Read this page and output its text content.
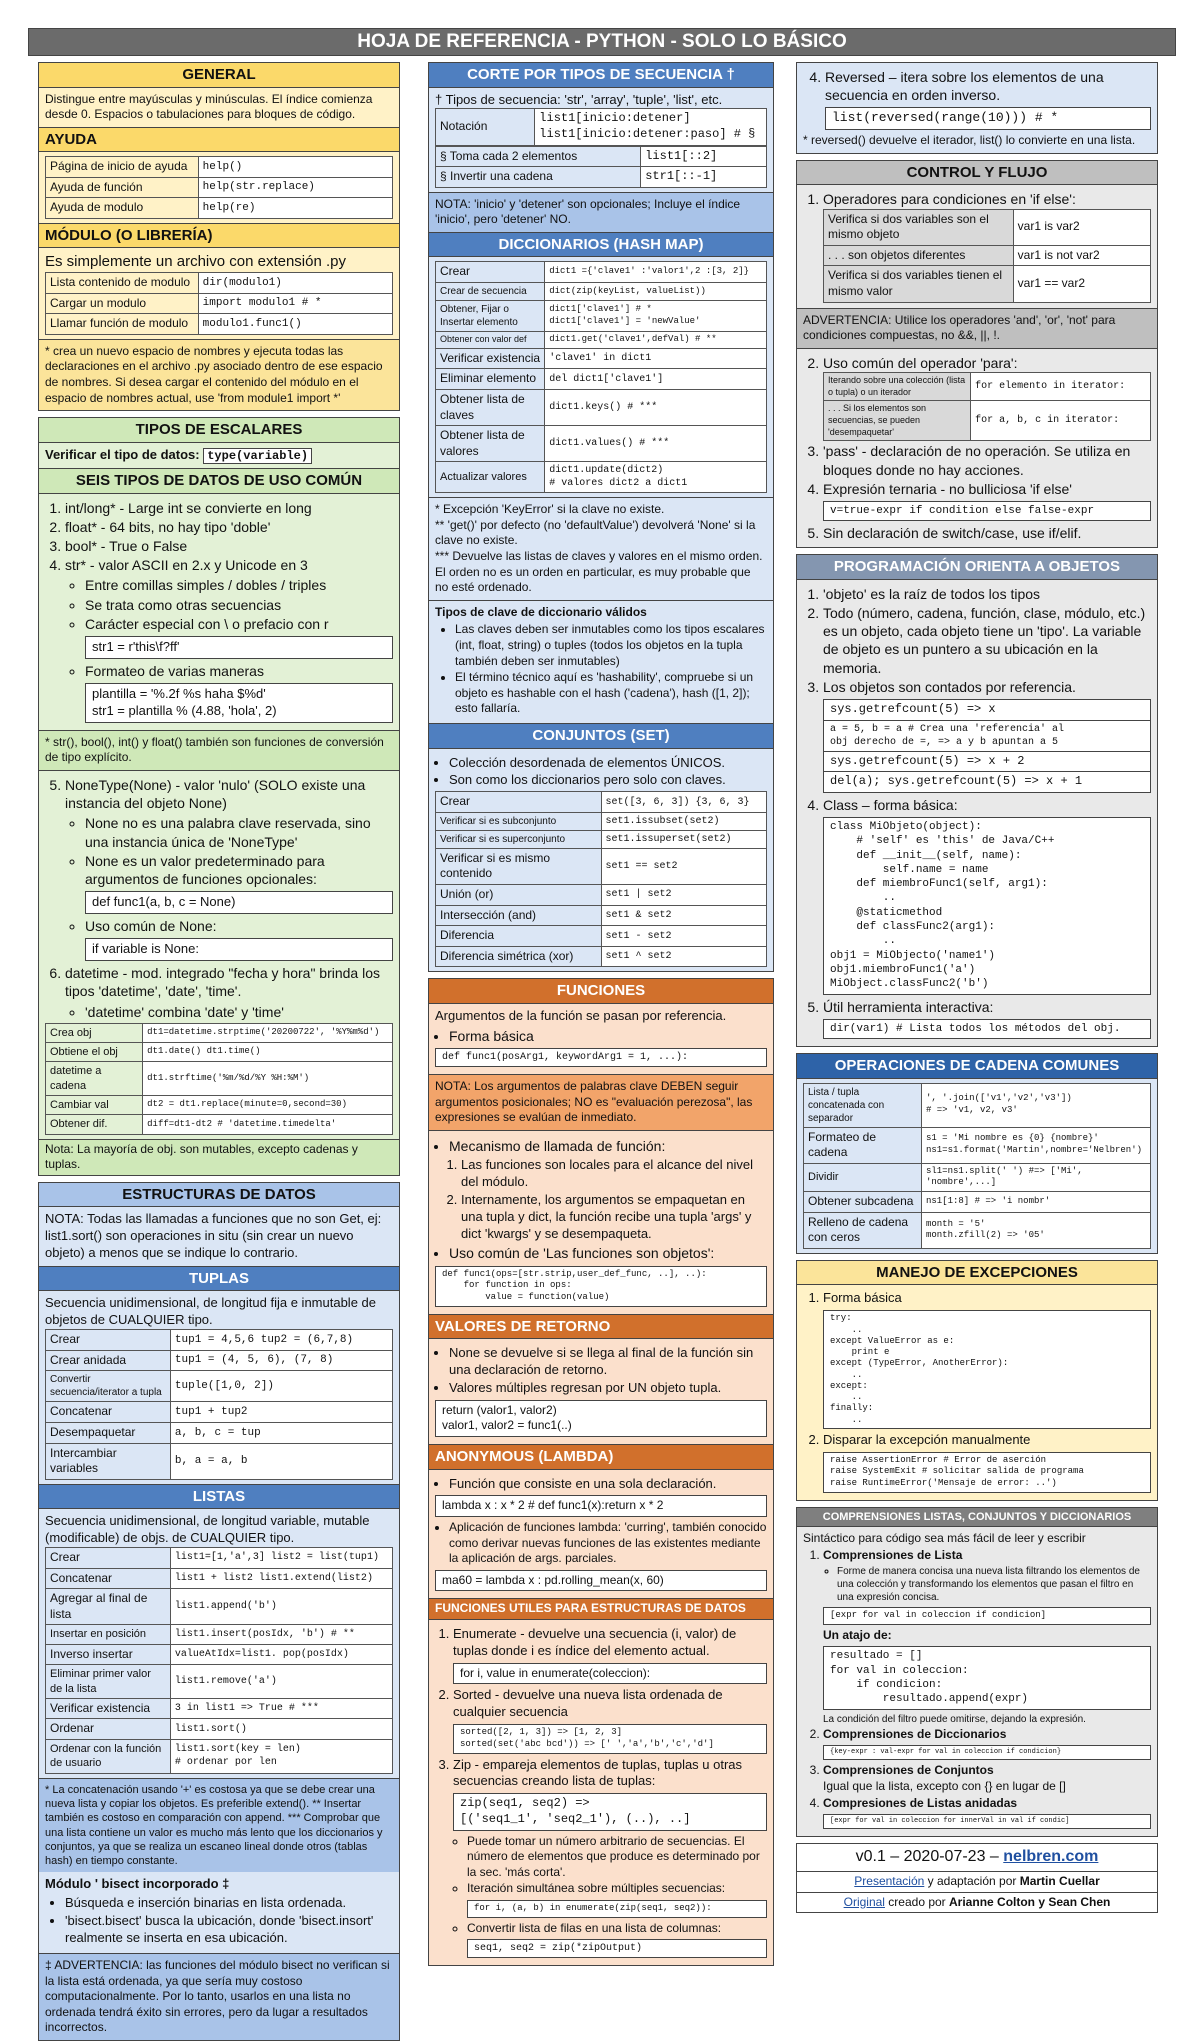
HOJA DE REFERENCIA - PYTHON - SOLO LO BÁSICO
GENERAL
Distingue entre mayúsculas y minúsculas. El índice comienza desde 0. Espacios o tabulaciones para bloques de código.
AYUDA
Página de inicio de ayuda	help()
Ayuda de función	help(str.replace)
Ayuda de modulo	help(re)
MÓDULO (O LIBRERÍA)
Es simplemente un archivo con extensión .py
Lista contenido de modulo	dir(modulo1)
Cargar un modulo	import modulo1 # *
Llamar función de modulo	modulo1.func1()
* crea un nuevo espacio de nombres y ejecuta todas las declaraciones en el archivo .py asociado dentro de ese espacio de nombres. Si desea cargar el contenido del módulo en el espacio de nombres actual, use 'from module1 import *'
TIPOS DE ESCALARES
Verificar el tipo de datos: type(variable)
SEIS TIPOS DE DATOS DE USO COMÚN
1. int/long* - Large int se convierte en long
2. float* - 64 bits, no hay tipo 'doble'
3. bool* - True o False
4. str* - valor ASCII en 2.x y Unicode en 3
◦ Entre comillas simples / dobles / triples
◦ Se trata como otras secuencias
◦ Carácter especial con \ o prefacio con r
str1 = r'this\f?ff'
◦ Formateo de varias maneras
plantilla = '%.2f %s haha $%d'
str1 = plantilla % (4.88, 'hola', 2)
* str(), bool(), int() y float() también son funciones de conversión de tipo explícito.
5. NoneType(None) - valor 'nulo' (SOLO existe una instancia del objeto None)
◦ None no es una palabra clave reservada, sino una instancia única de 'NoneType'
◦ None es un valor predeterminado para argumentos de funciones opcionales:
def func1(a, b, c = None)
◦ Uso común de None:
if variable is None:
6. datetime - mod. integrado "fecha y hora" brinda los tipos 'datetime', 'date', 'time'.
◦ 'datetime' combina 'date' y 'time'
Crea obj	dt1=datetime.strptime('20200722', '%Y%m%d')
Obtiene el obj	dt1.date() dt1.time()
datetime a cadena	dt1.strftime('%m/%d/%Y %H:%M')
Cambiar val	dt2 = dt1.replace(minute=0,second=30)
Obtener dif.	diff=dt1-dt2 # 'datetime.timedelta'
Nota: La mayoría de obj. son mutables, excepto cadenas y tuplas.
ESTRUCTURAS DE DATOS
NOTA: Todas las llamadas a funciones que no son Get, ej: list1.sort() son operaciones in situ (sin crear un nuevo objeto) a menos que se indique lo contrario.
TUPLAS
Secuencia unidimensional, de longitud fija e inmutable de objetos de CUALQUIER tipo.
Crear	tup1 = 4,5,6 tup2 = (6,7,8)
Crear anidada	tup1 = (4, 5, 6), (7, 8)
Convertir secuencia/iterator a tupla	tuple([1,0, 2])
Concatenar	tup1 + tup2
Desempaquetar	a, b, c = tup
Intercambiar variables	b, a = a, b
LISTAS
Secuencia unidimensional, de longitud variable, mutable (modificable) de objs. de CUALQUIER tipo.
Crear	list1=[1,'a',3] list2 = list(tup1)
Concatenar	list1 + list2 list1.extend(list2)
Agregar al final de lista	list1.append('b')
Insertar en posición	list1.insert(posIdx, 'b') # **
Inverso insertar	valueAtIdx=list1. pop(posIdx)
Eliminar primer valor de la lista	list1.remove('a')
Verificar existencia	3 in list1 => True # ***
Ordenar	list1.sort()
Ordenar con la función de usuario	list1.sort(key = len)
# ordenar por len
* La concatenación usando '+' es costosa ya que se debe crear una nueva lista y copiar los objetos. Es preferible extend(). ** Insertar también es costoso en comparación con append. *** Comprobar que una lista contiene un valor es mucho más lento que los diccionarios y conjuntos, ya que se realiza un escaneo lineal donde otros (tablas hash) en tiempo constante.
Módulo ' bisect incorporado ‡
• Búsqueda e inserción binarias en lista ordenada.
• 'bisect.bisect' busca la ubicación, donde 'bisect.insort' realmente se inserta en esa ubicación.
‡ ADVERTENCIA: las funciones del módulo bisect no verifican si la lista está ordenada, ya que sería muy costoso computacionalmente. Por lo tanto, usarlos en una lista no ordenada tendrá éxito sin errores, pero da lugar a resultados incorrectos.
CORTE POR TIPOS DE SECUENCIA †
† Tipos de secuencia: 'str', 'array', 'tuple', 'list', etc.
Notación	list1[inicio:detener]
list1[inicio:detener:paso] # §
§ Toma cada 2 elementos	list1[::2]
§ Invertir una cadena	str1[::-1]
NOTA: 'inicio' y 'detener' son opcionales; Incluye el índice 'inicio', pero 'detener' NO.
DICCIONARIOS (HASH MAP)
Crear	dict1 ={'clave1' :'valor1',2 :[3, 2]}
Crear de secuencia	dict(zip(keyList, valueList))
Obtener, Fijar o Insertar elemento	dict1['clave1'] # *
dict1['clave1'] = 'newValue'
Obtener con valor def	dict1.get('clave1',defVal) # **
Verificar existencia	'clave1' in dict1
Eliminar elemento	del dict1['clave1']
Obtener lista de claves	dict1.keys() # ***
Obtener lista de valores	dict1.values() # ***
Actualizar valores	dict1.update(dict2)
# valores dict2 a dict1
* Excepción 'KeyError' si la clave no existe.
** 'get()' por defecto (no 'defaultValue') devolverá 'None' si la clave no existe.
*** Devuelve las listas de claves y valores en el mismo orden. El orden no es un orden en particular, es muy probable que no esté ordenado.
Tipos de clave de diccionario válidos
• Las claves deben ser inmutables como los tipos escalares (int, float, string) o tuples (todos los objetos en la tupla también deben ser inmutables)
• El término técnico aquí es 'hashability', compruebe si un objeto es hashable con el hash ('cadena'), hash ([1, 2]); esto fallaría.
CONJUNTOS (SET)
• Colección desordenada de elementos ÚNICOS.
• Son como los diccionarios pero solo con claves.
Crear	set([3, 6, 3]) {3, 6, 3}
Verificar si es subconjunto	set1.issubset(set2)
Verificar si es superconjunto	set1.issuperset(set2)
Verificar si es mismo contenido	set1 == set2
Unión (or)	set1 | set2
Intersección (and)	set1 & set2
Diferencia	set1 - set2
Diferencia simétrica (xor)	set1 ^ set2
FUNCIONES
Argumentos de la función se pasan por referencia.
• Forma básica
def func1(posArg1, keywordArg1 = 1, ...):
NOTA: Los argumentos de palabras clave DEBEN seguir argumentos posicionales; NO es "evaluación perezosa", las expresiones se evalúan de inmediato.
• Mecanismo de llamada de función:
1. Las funciones son locales para el alcance del nivel del módulo.
2. Internamente, los argumentos se empaquetan en una tupla y dict, la función recibe una tupla 'args' y dict 'kwargs' y se desempaqueta.
• Uso común de 'Las funciones son objetos':
def func1(ops=[str.strip,user_def_func, ..], ..):
for function in ops:
value = function(value)
VALORES DE RETORNO
• None se devuelve si se llega al final de la función sin una declaración de retorno.
• Valores múltiples regresan por UN objeto tupla.
return (valor1, valor2)
valor1, valor2 = func1(..)
ANONYMOUS (LAMBDA)
• Función que consiste en una sola declaración.
lambda x : x * 2 # def func1(x):return x * 2
• Aplicación de funciones lambda: 'curring', también conocido como derivar nuevas funciones de las existentes mediante la aplicación de args. parciales.
ma60 = lambda x : pd.rolling_mean(x, 60)
FUNCIONES UTILES PARA ESTRUCTURAS DE DATOS
1. Enumerate - devuelve una secuencia (i, valor) de tuplas donde i es índice del elemento actual.
for i, value in enumerate(coleccion):
2. Sorted - devuelve una nueva lista ordenada de cualquier secuencia
sorted([2, 1, 3]) => [1, 2, 3]
sorted(set('abc bcd')) => [' ','a','b','c','d']
3. Zip - empareja elementos de tuplas, tuplas u otras secuencias creando lista de tuplas:
zip(seq1, seq2) =>
[('seq1_1', 'seq2_1'), (..), ..]
◦ Puede tomar un número arbitrario de secuencias. El número de elementos que produce es determinado por la sec. 'más corta'.
◦ Iteración simultánea sobre múltiples secuencias:
for i, (a, b) in enumerate(zip(seq1, seq2)):
◦ Convertir lista de filas en una lista de columnas:
seq1, seq2 = zip(*zipOutput)
4. Reversed – itera sobre los elementos de una secuencia en orden inverso.
list(reversed(range(10))) # *
* reversed() devuelve el iterador, list() lo convierte en una lista.
CONTROL Y FLUJO
1. Operadores para condiciones en 'if else':
Verifica si dos variables son el mismo objeto	var1 is var2
. . . son objetos diferentes	var1 is not var2
Verifica si dos variables tienen el mismo valor	var1 == var2
ADVERTENCIA: Utilice los operadores 'and', 'or', 'not' para condiciones compuestas, no &&, ||, !.
2. Uso común del operador 'para':
Iterando sobre una colección (lista o tupla) o un iterador	for elemento in iterator:
. . . Si los elementos son secuencias, se pueden 'desempaquetar'	for a, b, c in iterator:
3. 'pass' - declaración de no operación. Se utiliza en bloques donde no hay acciones.
4. Expresión ternaria - no bulliciosa 'if else'
v=true-expr if condition else false-expr
5. Sin declaración de switch/case, use if/elif.
PROGRAMACIÓN ORIENTA A OBJETOS
1. 'objeto' es la raíz de todos los tipos
2. Todo (número, cadena, función, clase, módulo, etc.) es un objeto, cada objeto tiene un 'tipo'. La variable de objeto es un puntero a su ubicación en la memoria.
3. Los objetos son contados por referencia.
sys.getrefcount(5) => x
a = 5, b = a # Crea una 'referencia' al
obj derecho de =, => a y b apuntan a 5
sys.getrefcount(5) => x + 2
del(a); sys.getrefcount(5) => x + 1
4. Class – forma básica:
class MiObjeto(object):
# 'self' es 'this' de Java/C++
def __init__(self, name):
self.name = name
def miembroFunc1(self, arg1):
..
@staticmethod
def classFunc2(arg1):
..
obj1 = MiObjecto('name1')
obj1.miembroFunc1('a')
MiObject.classFunc2('b')
5. Útil herramienta interactiva:
dir(var1) # Lista todos los métodos del obj.
OPERACIONES DE CADENA COMUNES
Lista / tupla concatenada con separador	', '.join(['v1','v2','v3'])
# => 'v1, v2, v3'
Formateo de cadena	s1 = 'Mi nombre es {0} {nombre}'
ns1=s1.format('Martin',nombre='Nelbren')
Dividir	sl1=ns1.split(' ') #=> ['Mi', 'nombre',...]
Obtener subcadena	ns1[1:8] # => 'i nombr'
Relleno de cadena con ceros	month = '5'
month.zfill(2) => '05'
MANEJO DE EXCEPCIONES
1. Forma básica
try:
..
except ValueError as e:
print e
except (TypeError, AnotherError):
..
except:
..
finally:
..
2. Disparar la excepción manualmente
raise AssertionError # Error de aserción
raise SystemExit # solicitar salida de programa
raise RuntimeError('Mensaje de error: ..')
COMPRENSIONES LISTAS, CONJUNTOS Y DICCIONARIOS
Sintáctico para código sea más fácil de leer y escribir
1. Comprensiones de Lista
◦ Forme de manera concisa una nueva lista filtrando los elementos de una colección y transformando los elementos que pasan el filtro en una expresión concisa.
[expr for val in coleccion if condicion]
Un atajo de:
resultado = []
for val in coleccion:
if condicion:
resultado.append(expr)
La condición del filtro puede omitirse, dejando la expresión.
2. Comprensiones de Diccionarios
{key-expr : val-expr for val in coleccion if condicion}
3. Comprensiones de Conjuntos
Igual que la lista, excepto con {} en lugar de []
4. Compresiones de Listas anidadas
[expr for val in coleccion for innerVal in val if condic]
v0.1 – 2020-07-23 – nelbren.com
Presentación y adaptación por Martin Cuellar
Original creado por Arianne Colton y Sean Chen
